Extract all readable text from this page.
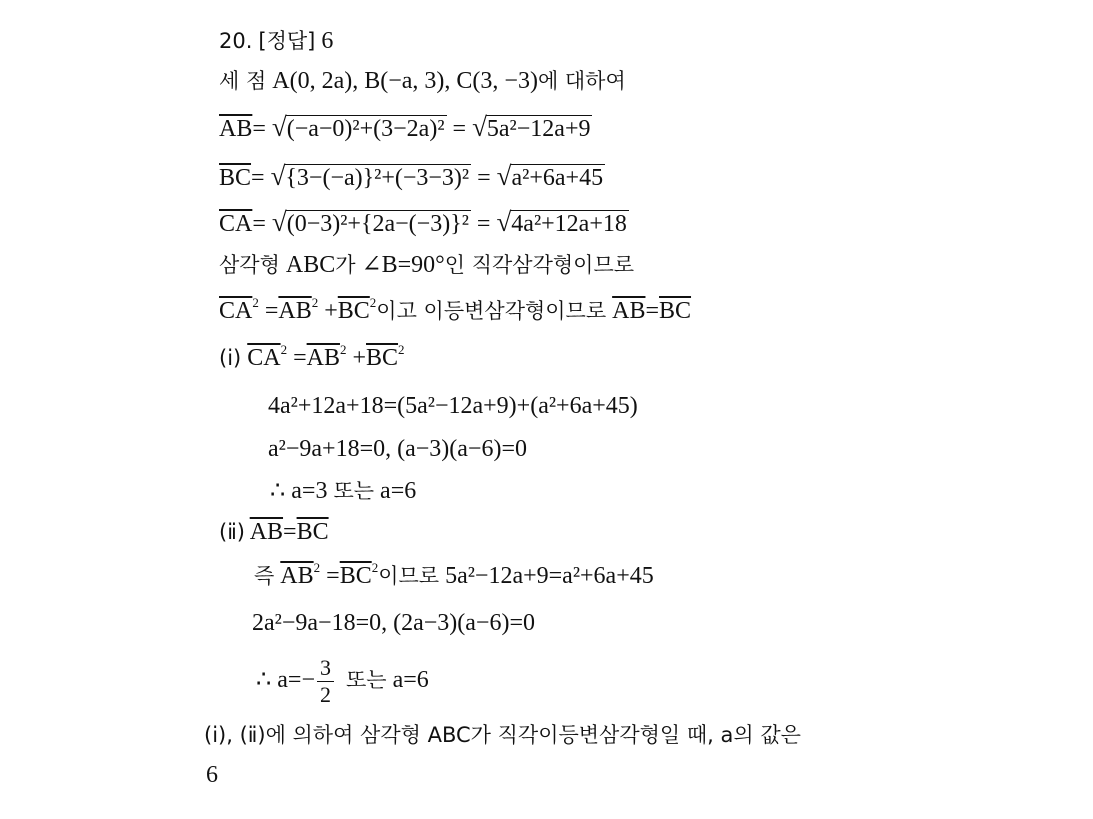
20. [정답] 6
세 점 A(0, 2a), B(−a, 3), C(3, −3)에 대하여
$\overline{AB}= √(-a-0)^2+(3-2a)^2 = √5a^2-12a+9$
$\overline{BC}= √\{3-(-a)\}^2+(-3-3)^2 = √a^2+6a+45$
$\overline{CA}= √(0-3)^2+\{2a-(-3)\}^2 = √4a^2+12a+18$
삼각형 ABC가 ∠B=90°인 직각삼각형이므로
$\overline{CA}^2 =\overline{AB}^2 +\overline{BC}^2$이고 이등변삼각형이므로 $\overline{AB}=\overline{BC}$
(ⅰ) $\overline{CA}^2 =\overline{AB}^2 +\overline{BC}^2$
4a²+12a+18=(5a²−12a+9)+(a²+6a+45)
a²−9a+18=0, (a−3)(a−6)=0
∴ a=3 또는 a=6
(ⅱ) $\overline{AB}=\overline{BC}$
즉 $\overline{AB}^2 =\overline{BC}^2$이므로 5a²−12a+9=a²+6a+45
2a²−9a−18=0, (2a−3)(a−6)=0
∴ $a=- \frac{3}{2}$ 또는 a=6
(ⅰ), (ⅱ)에 의하여 삼각형 ABC가 직각이등변삼각형일 때, a의 값은
6
